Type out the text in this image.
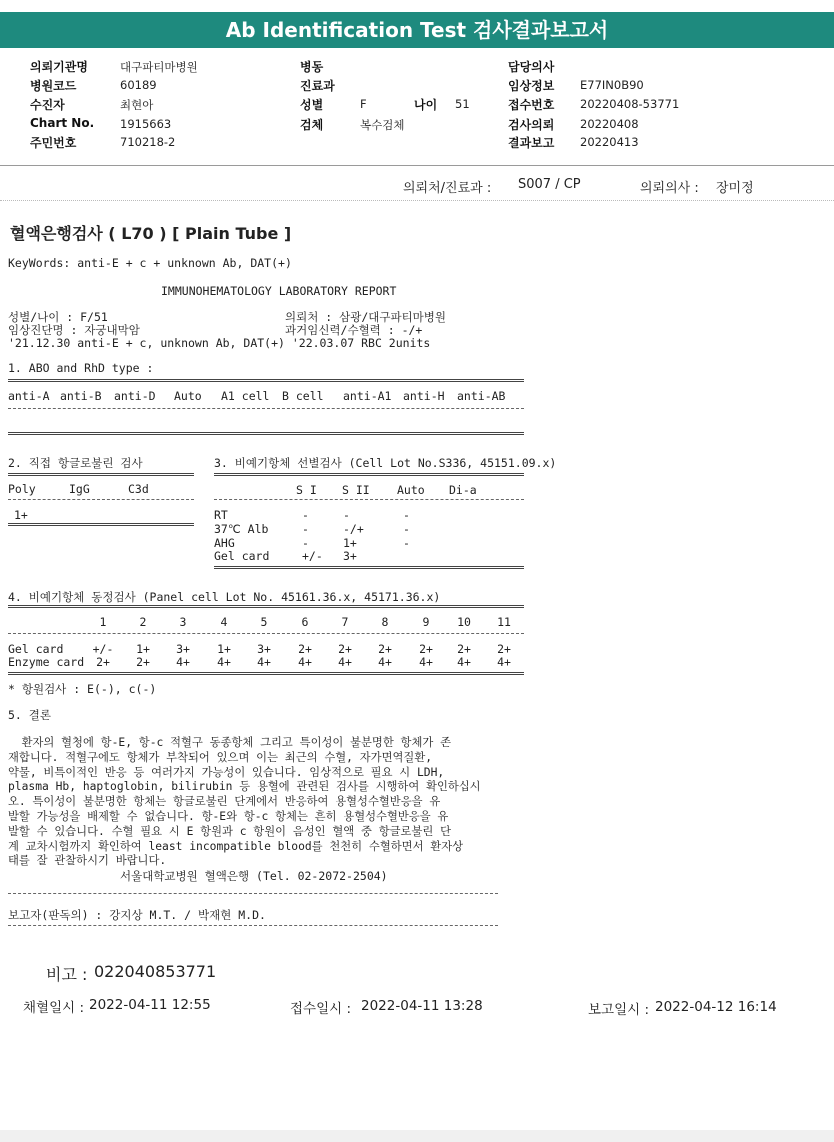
Ab Identification Test 검사결과보고서
의뢰기관명	대구파티마병원
병원코드	60189
수진자	최현아
Chart No. 1915663
주민번호	710218-2
병동
진료과
성별	F
검체	복수검체
나이 51
담당의사
임상정보 E77IN0B90
접수번호 20220408-53771
검사의뢰 20220408
결과보고 20220413
의뢰처/진료과 : S007 / CP	의뢰의사 : 장미정
혈액은행검사 ( L70 ) [ Plain Tube ]
KeyWords: anti-E + c + unknown Ab, DAT(+)
IMMUNOHEMATOLOGY LABORATORY REPORT
성별/나이 : F/51	의뢰처 : 삼광/대구파티마병원
임상진단명 : 자궁내막암	과거임신력/수혈력 : -/+
'21.12.30 anti-E + c, unknown Ab, DAT(+) '22.03.07 RBC 2units
1. ABO and RhD type :
anti-A anti-B anti-D Auto A1 cell B cell anti-A1 anti-H anti-AB
2. 직접 항글로불린 검사
Poly	IgG	C3d
1+
3. 비예기항체 선별검사 (Cell Lot No.S336, 45151.09.x)
S I S II Auto Di-a
RT	-	-	-
37℃ Alb	-	-/+	-
AHG	-	1+	-
Gel card	+/- 3+
4. 비예기항체 동정검사 (Panel cell Lot No. 45161.36.x, 45171.36.x)
1	2	3	4	5	6	7	8	9	10	11
Gel card	+/-	1+	3+	1+	3+	2+	2+	2+	2+	2+	2+
Enzyme card	2+	2+	4+	4+	4+	4+	4+	4+	4+	4+	4+
* 항원검사 : E(-), c(-)
5. 결론
환자의 혈청에 항-E, 항-c 적혈구 동종항체 그리고 특이성이 불분명한 항체가 존
재합니다. 적혈구에도 항체가 부착되어 있으며 이는 최근의 수혈, 자가면역질환,
약물, 비특이적인 반응 등 여러가지 가능성이 있습니다. 임상적으로 필요 시 LDH,
plasma Hb, haptoglobin, bilirubin 등 용혈에 관련된 검사를 시행하여 확인하십시
오. 특이성이 불분명한 항체는 항글로불린 단계에서 반응하여 용혈성수혈반응을 유
발할 가능성을 배제할 수 없습니다. 항-E와 항-c 항체는 흔히 용혈성수혈반응을 유
발할 수 있습니다. 수혈 필요 시 E 항원과 c 항원이 음성인 혈액 중 항글로불린 단
계 교차시험까지 확인하여 least incompatible blood를 천천히 수혈하면서 환자상
태를 잘 관찰하시기 바랍니다.
서울대학교병원 혈액은행 (Tel. 02-2072-2504)
보고자(판독의) : 강지상 M.T. / 박재현 M.D.
비고 : 022040853771
채혈일시 : 2022-04-11 12:55	접수일시 : 2022-04-11 13:28	보고일시 : 2022-04-12 16:14
